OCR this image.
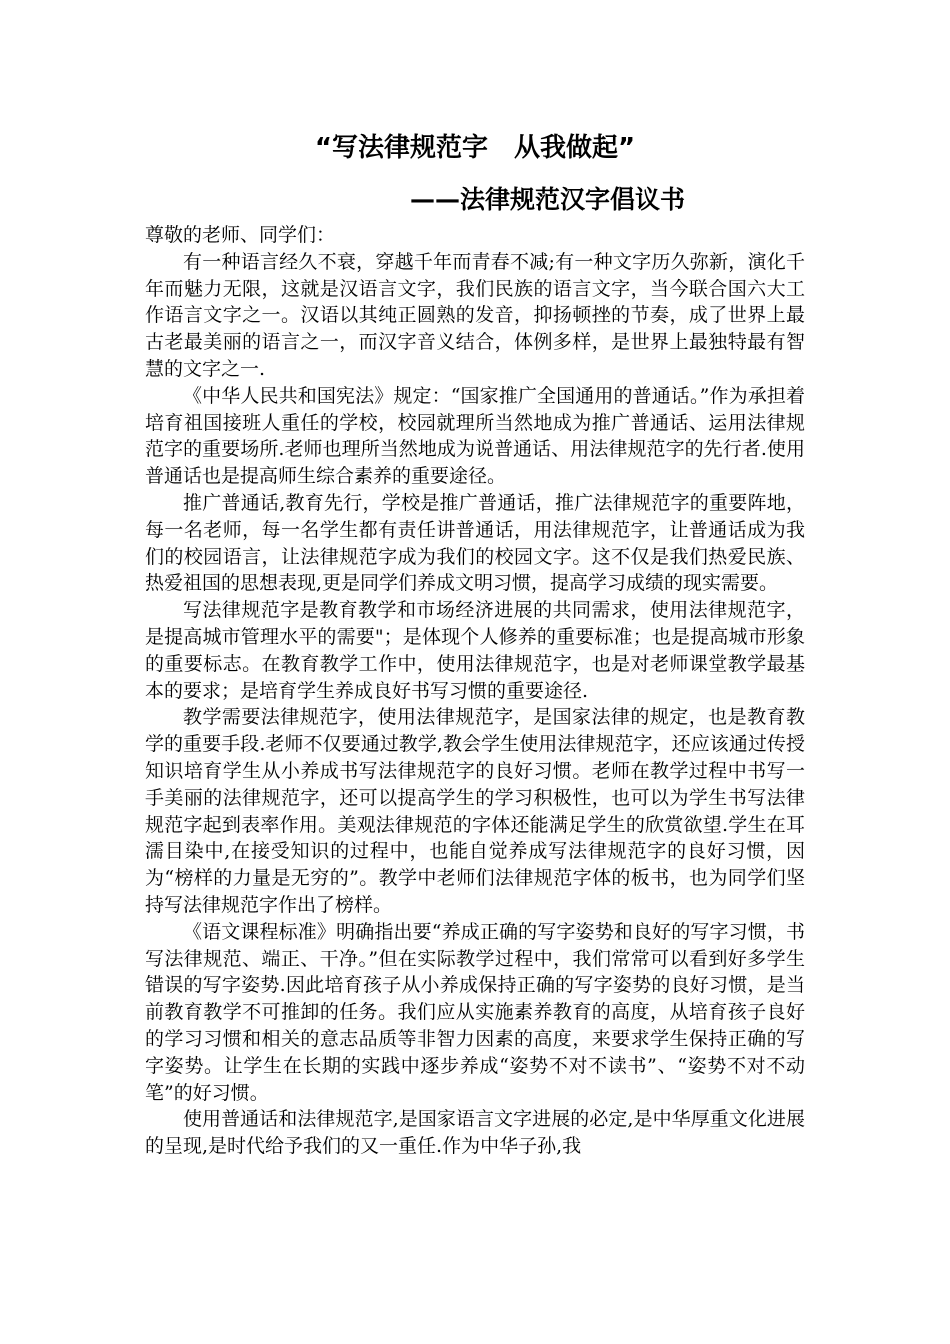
“写法律规范字　从我做起”
——法律规范汉字倡议书

尊敬的老师、同学们：

有一种语言经久不衰，穿越千年而青春不减;有一种文字历久弥新，演化千年而魅力无限，这就是汉语言文字，我们民族的语言文字，当今联合国六大工作语言文字之一。汉语以其纯正圆熟的发音，抑扬顿挫的节奏，成了世界上最古老最美丽的语言之一，而汉字音义结合，体例多样，是世界上最独特最有智慧的文字之一.

《中华人民共和国宪法》规定：“国家推广全国通用的普通话。”作为承担着培育祖国接班人重任的学校，校园就理所当然地成为推广普通话、运用法律规范字的重要场所.老师也理所当然地成为说普通话、用法律规范字的先行者.使用普通话也是提高师生综合素养的重要途径。

推广普通话,教育先行，学校是推广普通话，推广法律规范字的重要阵地，每一名老师，每一名学生都有责任讲普通话，用法律规范字，让普通话成为我们的校园语言，让法律规范字成为我们的校园文字。这不仅是我们热爱民族、热爱祖国的思想表现,更是同学们养成文明习惯，提高学习成绩的现实需要。

写法律规范字是教育教学和市场经济进展的共同需求，使用法律规范字，是提高城市管理水平的需要"；是体现个人修养的重要标准；也是提高城市形象的重要标志。在教育教学工作中，使用法律规范字，也是对老师课堂教学最基本的要求；是培育学生养成良好书写习惯的重要途径.

教学需要法律规范字，使用法律规范字，是国家法律的规定，也是教育教学的重要手段.老师不仅要通过教学,教会学生使用法律规范字，还应该通过传授知识培育学生从小养成书写法律规范字的良好习惯。老师在教学过程中书写一手美丽的法律规范字，还可以提高学生的学习积极性，也可以为学生书写法律规范字起到表率作用。美观法律规范的字体还能满足学生的欣赏欲望.学生在耳濡目染中,在接受知识的过程中，也能自觉养成写法律规范字的良好习惯，因为“榜样的力量是无穷的”。教学中老师们法律规范字体的板书，也为同学们坚持写法律规范字作出了榜样。

《语文课程标准》明确指出要“养成正确的写字姿势和良好的写字习惯，书写法律规范、端正、干净。”但在实际教学过程中，我们常常可以看到好多学生错误的写字姿势.因此培育孩子从小养成保持正确的写字姿势的良好习惯，是当前教育教学不可推卸的任务。我们应从实施素养教育的高度，从培育孩子良好的学习习惯和相关的意志品质等非智力因素的高度，来要求学生保持正确的写字姿势。让学生在长期的实践中逐步养成“姿势不对不读书”、“姿势不对不动笔”的好习惯。

使用普通话和法律规范字,是国家语言文字进展的必定,是中华厚重文化进展的呈现,是时代给予我们的又一重任.作为中华子孙,我
